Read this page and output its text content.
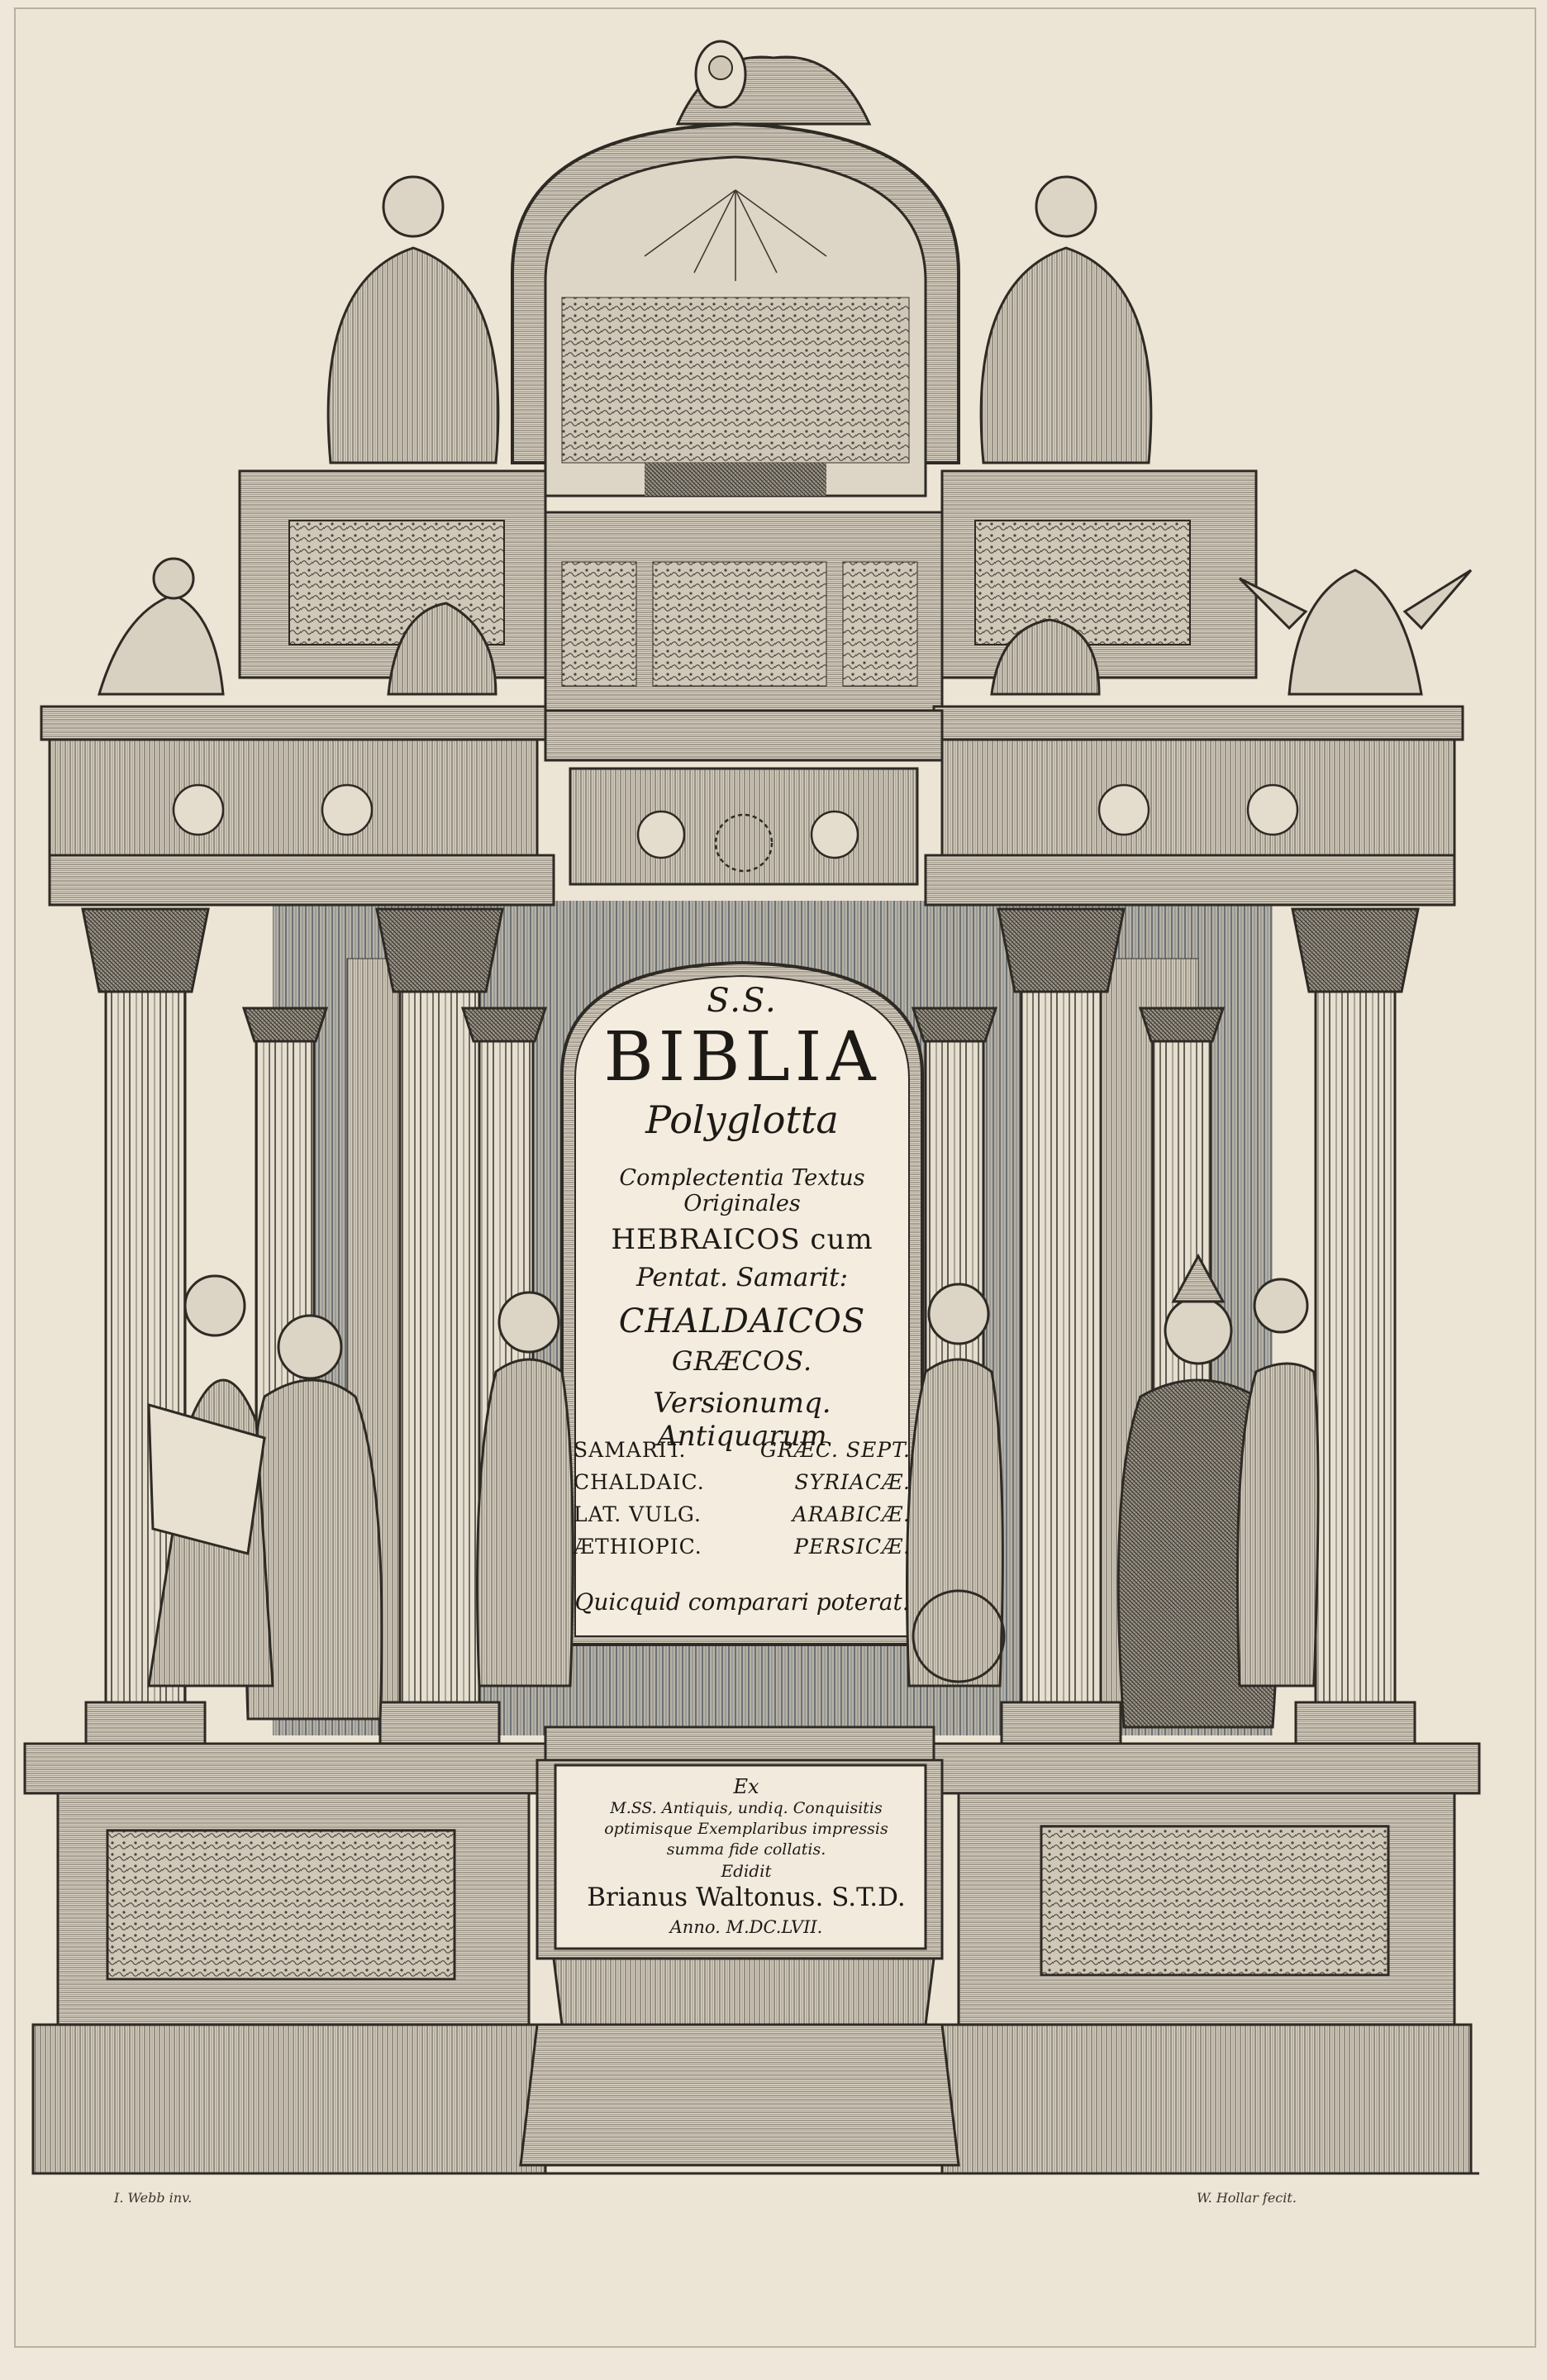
S.S.
BIBLIA
Polyglotta
Complectentia Textus Originales
HEBRAICOS cum
Pentat. Samarit:
CHALDAICOS
GRÆCOS.
Versionumq. Antiquarum
SAMARIT.	GRÆC. SEPT.
CHALDAIC.	SYRIACÆ.
LAT. VULG.	ARABICÆ.
ÆTHIOPIC.	PERSICÆ.
Quicquid comparari poterat.
Ex
M.SS. Antiquis, undiq. Conquisitis optimisque Exemplaribus impressis summa fide collatis.
Edidit
Brianus Waltonus. S.T.D.
Anno. M.DC.LVII.
I. Webb inv.	W. Hollar fecit.
